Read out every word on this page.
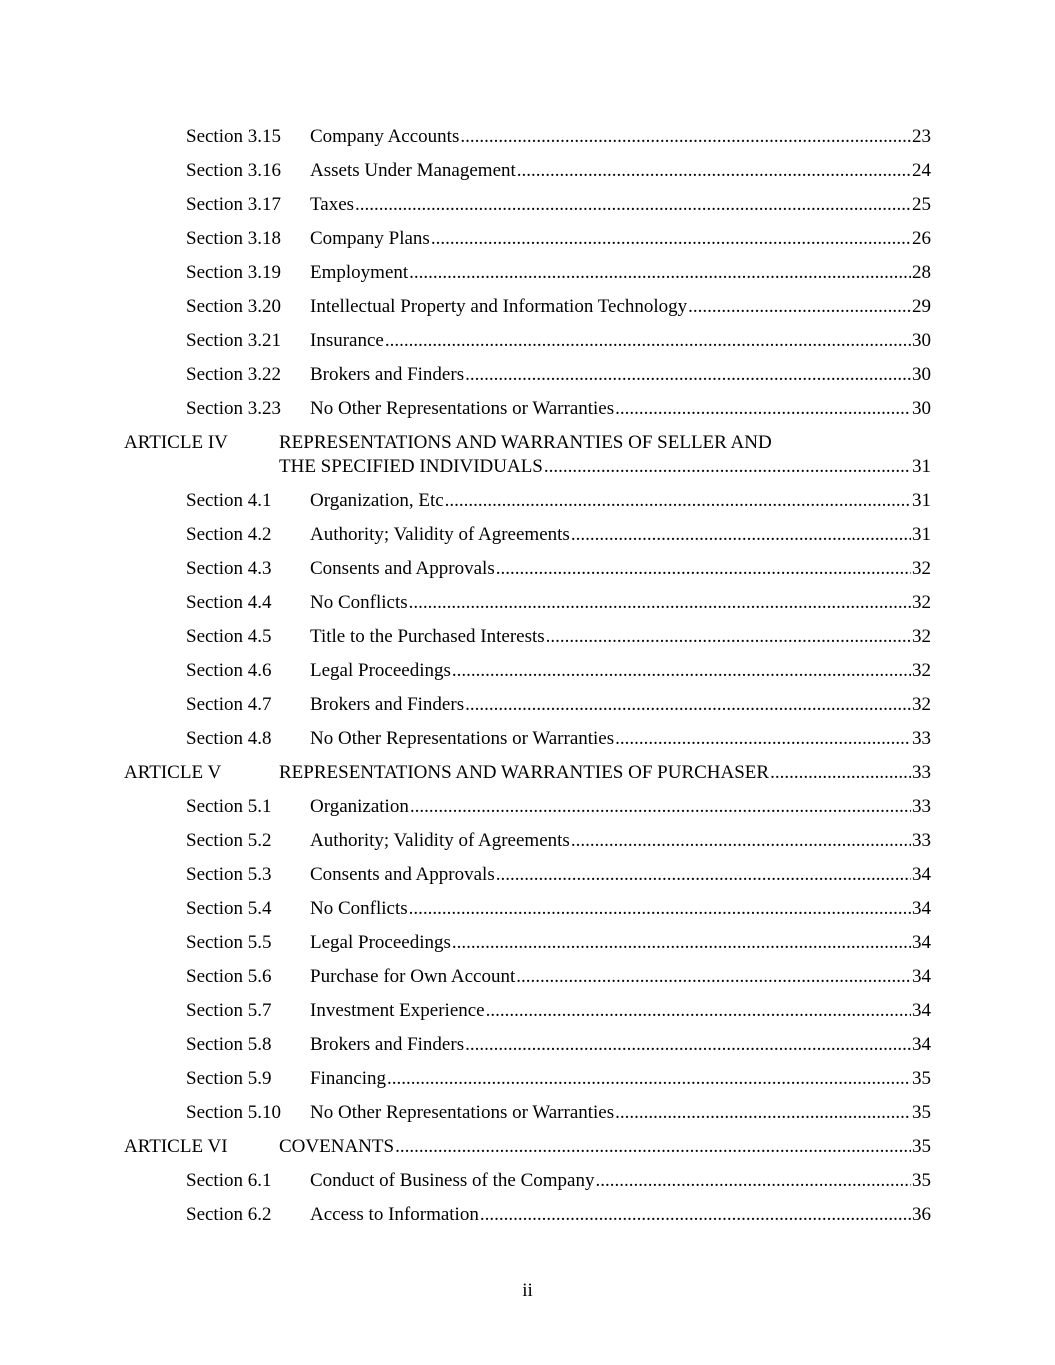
Section 3.15 Company Accounts .....	23
Section 3.16 Assets Under Management .....	24
Section 3.17 Taxes .....	25
Section 3.18 Company Plans .....	26
Section 3.19 Employment .....	28
Section 3.20 Intellectual Property and Information Technology .....	29
Section 3.21 Insurance .....	30
Section 3.22 Brokers and Finders .....	30
Section 3.23 No Other Representations or Warranties .....	30
ARTICLE IV	REPRESENTATIONS AND WARRANTIES OF SELLER AND
THE SPECIFIED INDIVIDUALS .....	31
Section 4.1 Organization, Etc .....	31
Section 4.2 Authority; Validity of Agreements .....	31
Section 4.3 Consents and Approvals .....	32
Section 4.4 No Conflicts .....	32
Section 4.5 Title to the Purchased Interests .....	32
Section 4.6 Legal Proceedings .....	32
Section 4.7 Brokers and Finders .....	32
Section 4.8 No Other Representations or Warranties .....	33
ARTICLE V	REPRESENTATIONS AND WARRANTIES OF PURCHASER .....	33
Section 5.1 Organization .....	33
Section 5.2 Authority; Validity of Agreements .....	33
Section 5.3 Consents and Approvals .....	34
Section 5.4 No Conflicts .....	34
Section 5.5 Legal Proceedings .....	34
Section 5.6 Purchase for Own Account .....	34
Section 5.7 Investment Experience .....	34
Section 5.8 Brokers and Finders .....	34
Section 5.9 Financing .....	35
Section 5.10 No Other Representations or Warranties .....	35
ARTICLE VI	COVENANTS .....	35
Section 6.1 Conduct of Business of the Company .....	35
Section 6.2 Access to Information .....	36
ii
